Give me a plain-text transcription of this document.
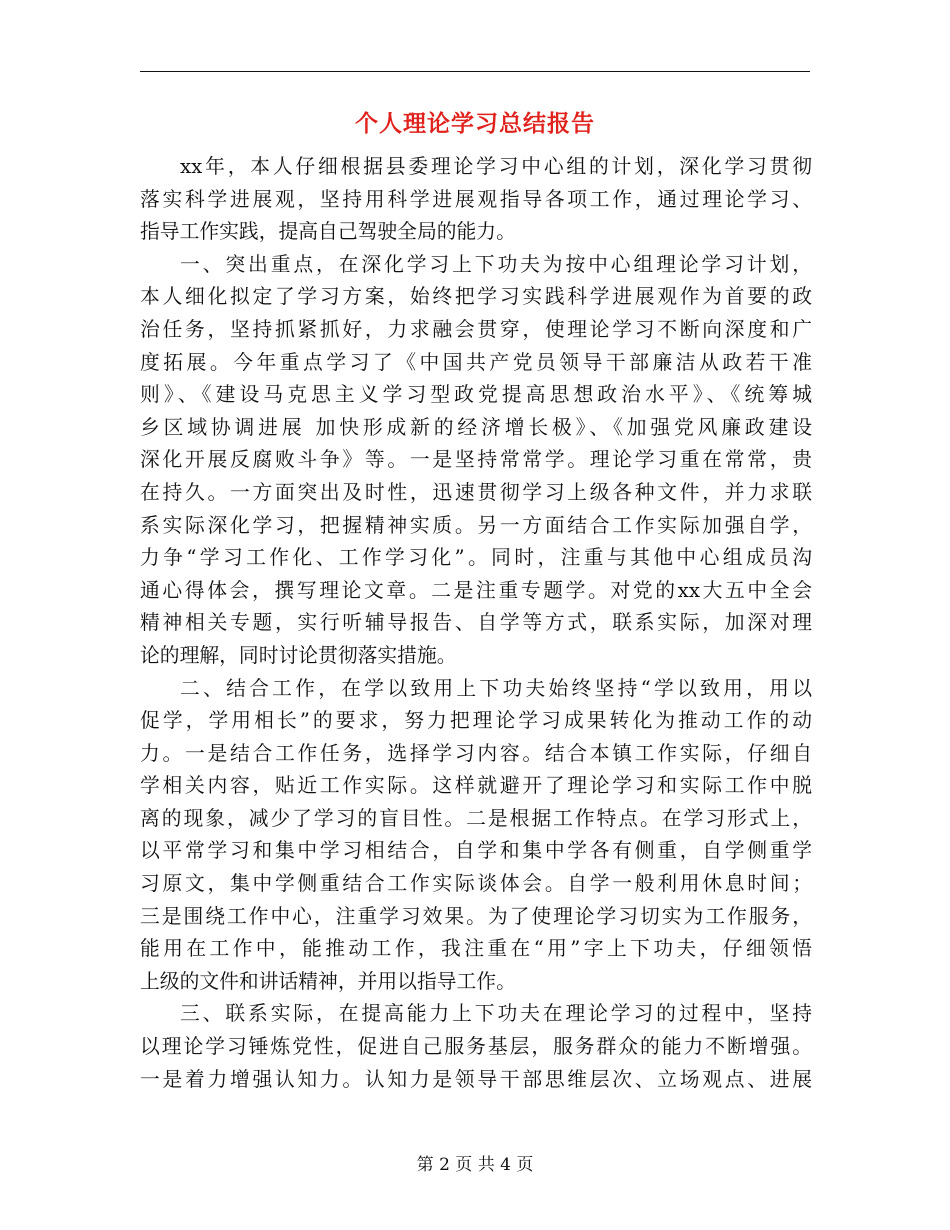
个人理论学习总结报告

xx年，本人仔细根据县委理论学习中心组的计划，深化学习贯彻
落实科学进展观，坚持用科学进展观指导各项工作，通过理论学习、
指导工作实践，提高自己驾驶全局的能力。

一、突出重点，在深化学习上下功夫为按中心组理论学习计划，
本人细化拟定了学习方案，始终把学习实践科学进展观作为首要的政
治任务，坚持抓紧抓好，力求融会贯穿，使理论学习不断向深度和广
度拓展。今年重点学习了《中国共产党员领导干部廉洁从政若干准
则》、《建设马克思主义学习型政党提高思想政治水平》、《统筹城
乡区域协调进展 加快形成新的经济增长极》、《加强党风廉政建设
深化开展反腐败斗争》等。一是坚持常常学。理论学习重在常常，贵
在持久。一方面突出及时性，迅速贯彻学习上级各种文件，并力求联
系实际深化学习，把握精神实质。另一方面结合工作实际加强自学，
力争“学习工作化、工作学习化”。同时，注重与其他中心组成员沟
通心得体会，撰写理论文章。二是注重专题学。对党的xx大五中全会
精神相关专题，实行听辅导报告、自学等方式，联系实际，加深对理
论的理解，同时讨论贯彻落实措施。

二、结合工作，在学以致用上下功夫始终坚持“学以致用，用以
促学，学用相长”的要求，努力把理论学习成果转化为推动工作的动
力。一是结合工作任务，选择学习内容。结合本镇工作实际，仔细自
学相关内容，贴近工作实际。这样就避开了理论学习和实际工作中脱
离的现象，减少了学习的盲目性。二是根据工作特点。在学习形式上，
以平常学习和集中学习相结合，自学和集中学各有侧重，自学侧重学
习原文，集中学侧重结合工作实际谈体会。自学一般利用休息时间；
三是围绕工作中心，注重学习效果。为了使理论学习切实为工作服务，
能用在工作中，能推动工作，我注重在“用”字上下功夫，仔细领悟
上级的文件和讲话精神，并用以指导工作。

三、联系实际，在提高能力上下功夫在理论学习的过程中，坚持
以理论学习锤炼党性，促进自己服务基层，服务群众的能力不断增强。
一是着力增强认知力。认知力是领导干部思维层次、立场观点、进展

第 2 页 共 4 页
